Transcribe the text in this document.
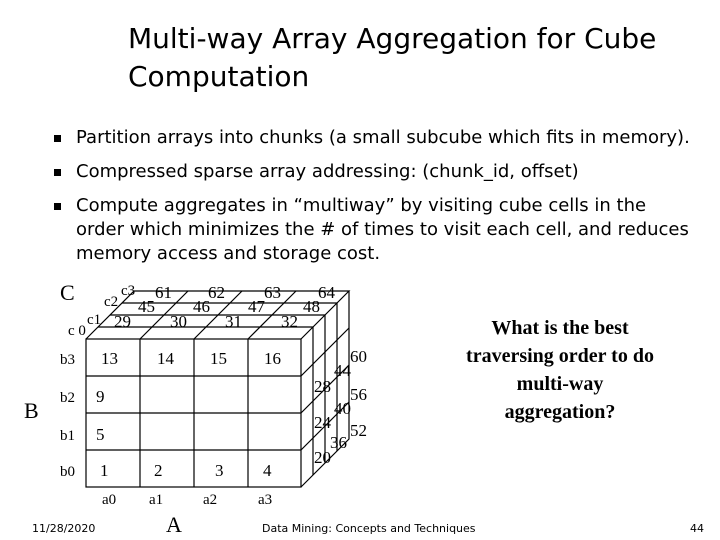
Multi-way Array Aggregation for Cube Computation
Partition arrays into chunks (a small subcube which fits in memory).
Compressed sparse array addressing: (chunk_id, offset)
Compute aggregates in “multiway” by visiting cube cells in the order which minimizes the # of times to visit each cell, and reduces memory access and storage cost.
C
B
A
b3
b2
b1
b0
a0 a1	a2	a3
c 0
c1
c2
c3
13 14 15 16
9
5
1	2	3 4
29 30 31 32
45 46 47 48
61 62 63 64
60
44
28 56
40
24 52
36
20
What is the best traversing order to do multi-way aggregation?
11/28/2020	Data Mining: Concepts and Techniques	44
